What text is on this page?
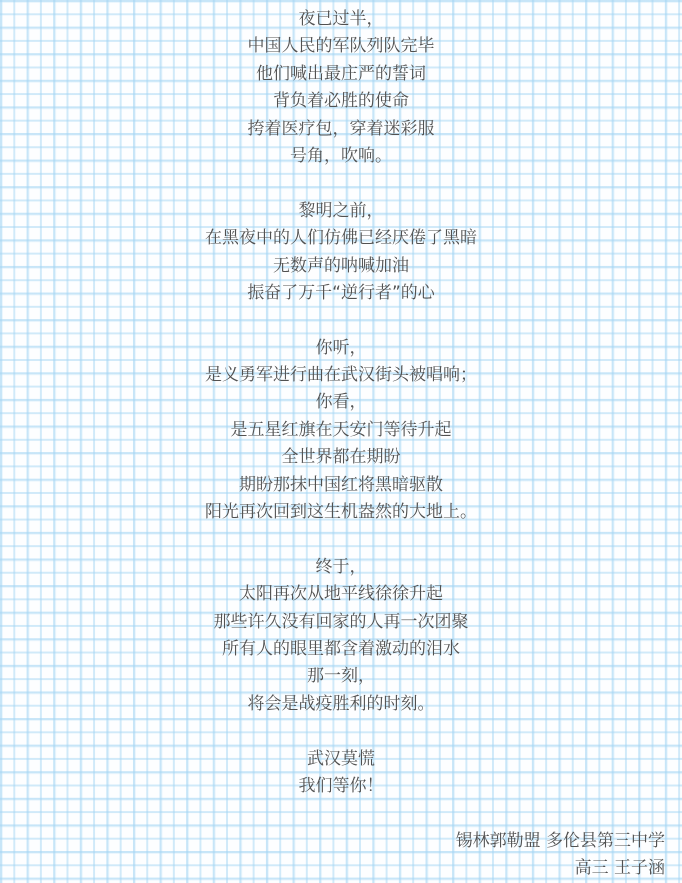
夜已过半，
中国人民的军队列队完毕
他们喊出最庄严的誓词
背负着必胜的使命
挎着医疗包，穿着迷彩服
号角，吹响。
黎明之前，
在黑夜中的人们仿佛已经厌倦了黑暗
无数声的呐喊加油
振奋了万千“逆行者”的心
你听，
是义勇军进行曲在武汉街头被唱响；
你看，
是五星红旗在天安门等待升起
全世界都在期盼
期盼那抹中国红将黑暗驱散
阳光再次回到这生机盎然的大地上。
终于，
太阳再次从地平线徐徐升起
那些许久没有回家的人再一次团聚
所有人的眼里都含着激动的泪水
那一刻，
将会是战疫胜利的时刻。
武汉莫慌
我们等你！
锡林郭勒盟 多伦县第三中学
高三 王子涵
